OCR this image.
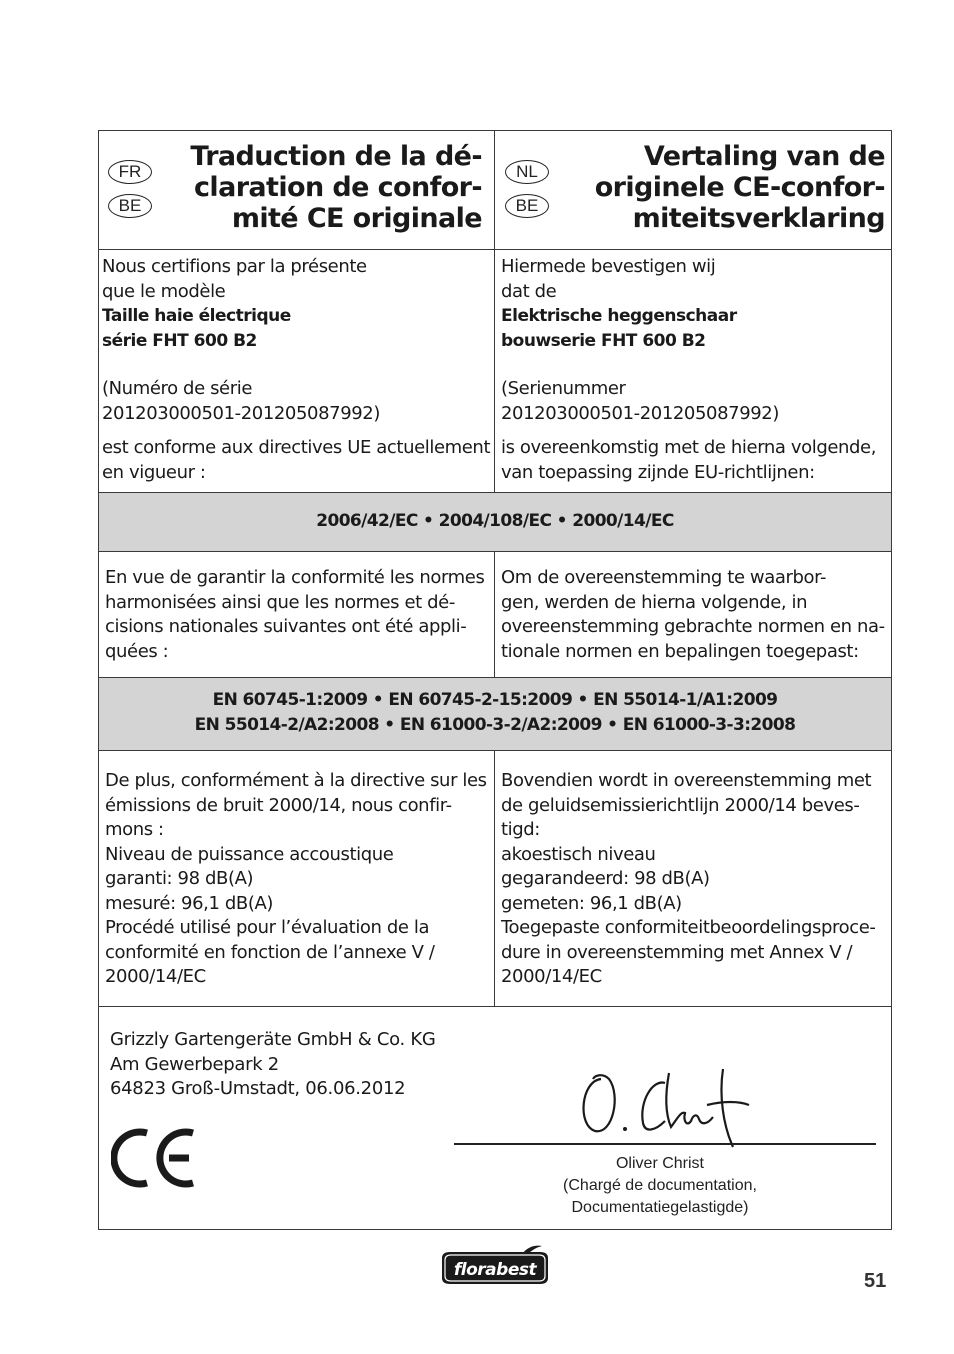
FR
BE
Traduction de la dé-
claration de confor-
mité CE originale
NL
BE
Vertaling van de
originele CE-confor-
miteitsverklaring
Nous certifions par la présente
que le modèle
Taille haie électrique
série FHT 600 B2
(Numéro de série
201203000501-201205087992)
est conforme aux directives UE actuellement
en vigueur :
Hiermede bevestigen wij
dat de
Elektrische heggenschaar
bouwserie FHT 600 B2
(Serienummer
201203000501-201205087992)
is overeenkomstig met de hierna volgende,
van toepassing zijnde EU-richtlijnen:
2006/42/EC • 2004/108/EC • 2000/14/EC
En vue de garantir la conformité les normes
harmonisées ainsi que les normes et dé-
cisions nationales suivantes ont été appli-
quées :
Om de overeenstemming te waarbor-
gen, werden de hierna volgende, in
overeenstemming gebrachte normen en na-
tionale normen en bepalingen toegepast:
EN 60745-1:2009 • EN 60745-2-15:2009 • EN 55014-1/A1:2009
EN 55014-2/A2:2008 • EN 61000-3-2/A2:2009 • EN 61000-3-3:2008
De plus, conformément à la directive sur les
émissions de bruit 2000/14, nous confir-
mons :
Niveau de puissance accoustique
garanti: 98 dB(A)
mesuré: 96,1 dB(A)
Procédé utilisé pour l’évaluation de la
conformité en fonction de l’annexe V /
2000/14/EC
Bovendien wordt in overeenstemming met
de geluidsemissierichtlijn 2000/14 beves-
tigd:
akoestisch niveau
gegarandeerd: 98 dB(A)
gemeten: 96,1 dB(A)
Toegepaste conformiteitbeoordelingsproce-
dure in overeenstemming met Annex V /
2000/14/EC
Grizzly Gartengeräte GmbH & Co. KG
Am Gewerbepark 2
64823 Groß-Umstadt, 06.06.2012
Oliver Christ
(Chargé de documentation,
Documentatiegelastigde)
florabest	51
